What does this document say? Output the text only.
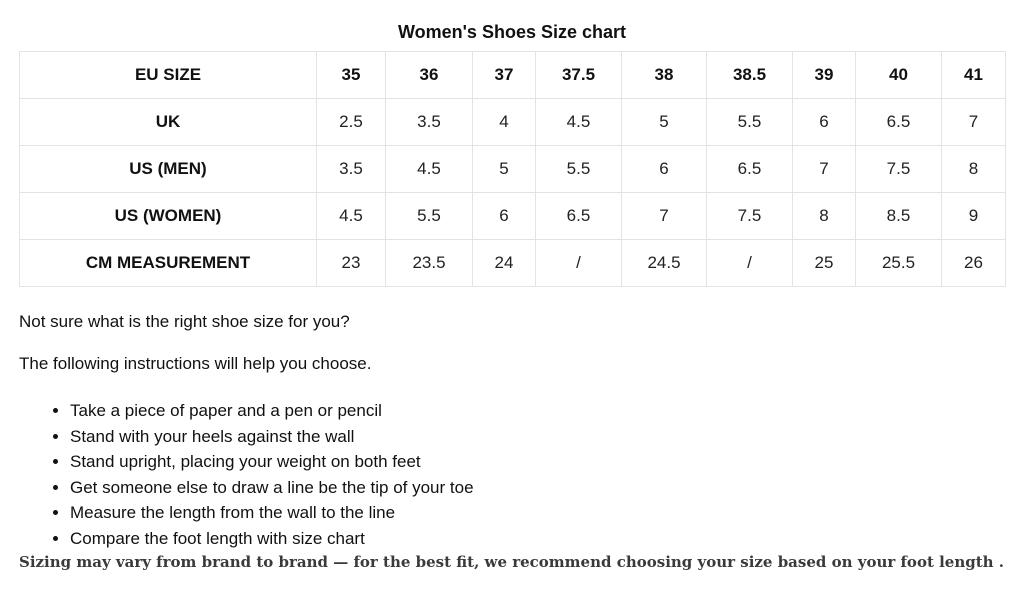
Women's Shoes Size chart
EU SIZE	35	36	37	37.5	38	38.5	39	40	41
UK	2.5	3.5	4	4.5	5	5.5	6	6.5	7
US (MEN)	3.5	4.5	5	5.5	6	6.5	7	7.5	8
US (WOMEN)	4.5	5.5	6	6.5	7	7.5	8	8.5	9
CM MEASUREMENT	23	23.5	24	/	24.5	/	25	25.5	26
Not sure what is the right shoe size for you?
The following instructions will help you choose.
• Take a piece of paper and a pen or pencil
• Stand with your heels against the wall
• Stand upright, placing your weight on both feet
• Get someone else to draw a line be the tip of your toe
• Measure the length from the wall to the line
• Compare the foot length with size chart
Sizing may vary from brand to brand — for the best fit, we recommend choosing your size based on your foot length .
